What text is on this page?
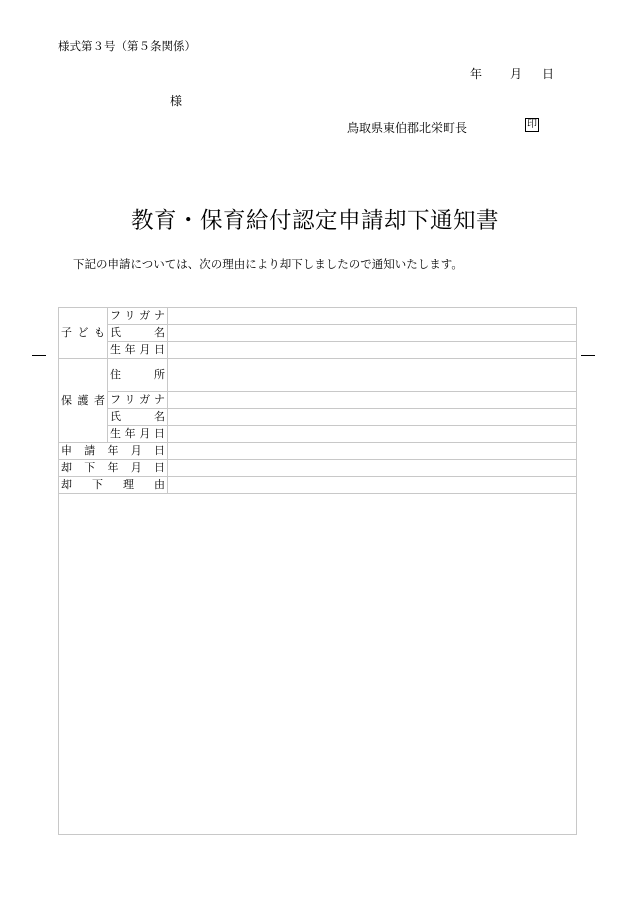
様式第３号（第５条関係）
年 月 日
様
鳥取県東伯郡北栄町長	印
教育・保育給付認定申請却下通知書
下記の申請については、次の理由により却下しましたので通知いたします。
子ども	フリガナ	
	氏名	
	生年月日	
保護者	住所	
	フリガナ	
	氏名	
	生年月日	
申請年月日		
却下年月日		
却下理由		
